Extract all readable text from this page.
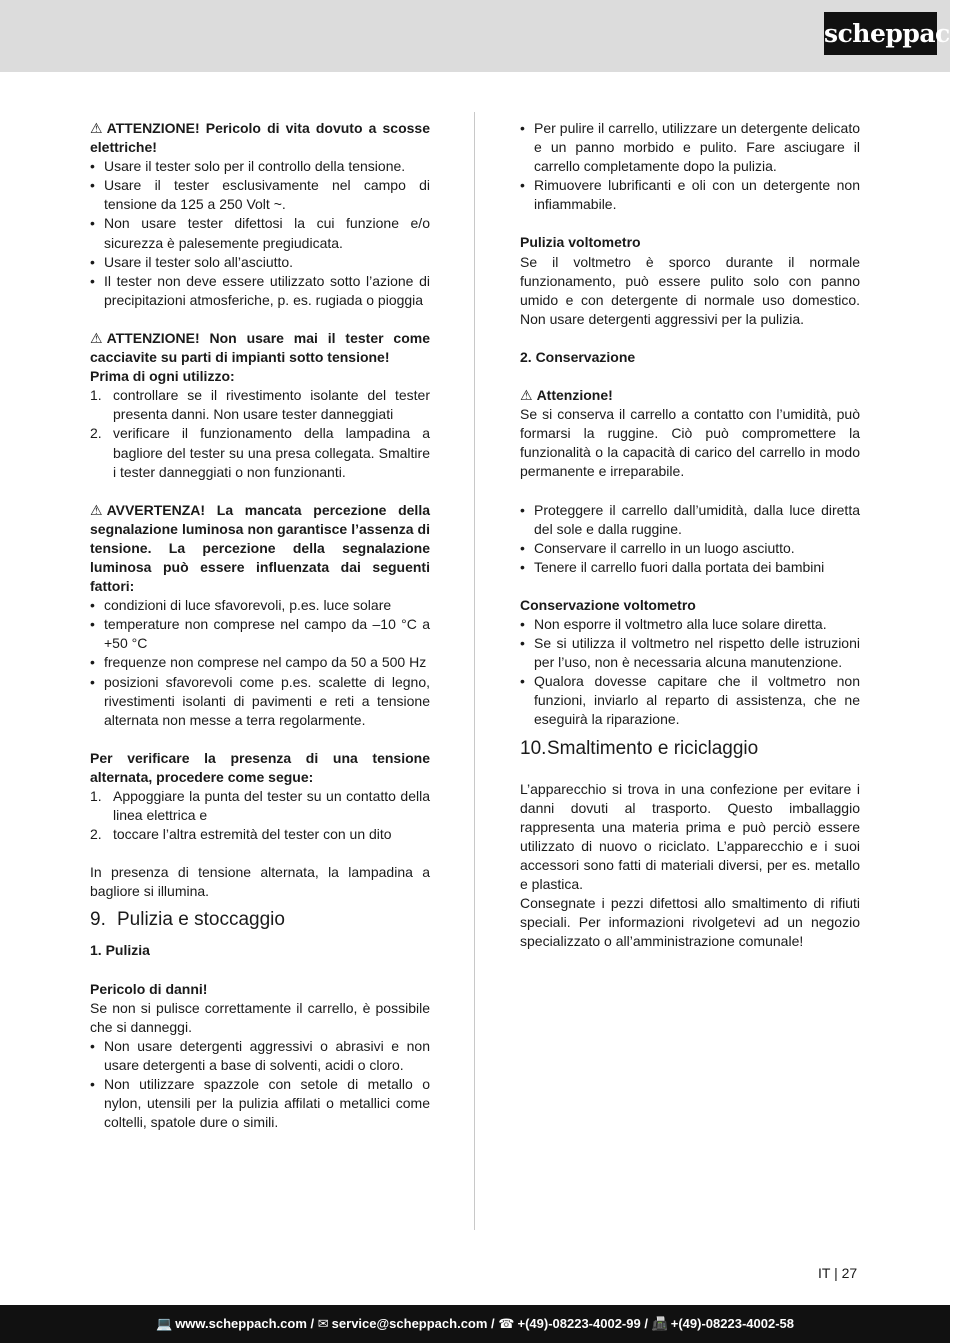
scheppach

⚠ ATTENZIONE! Pericolo di vita dovuto a scosse elettriche!

• Usare il tester solo per il controllo della tensione.
• Usare il tester esclusivamente nel campo di tensione da 125 a 250 Volt ~.
• Non usare tester difettosi la cui funzione e/o sicurezza è palesemente pregiudicata.
• Usare il tester solo all’asciutto.
• Il tester non deve essere utilizzato sotto l’azione di precipitazioni atmosferiche, p. es. rugiada o pioggia

⚠ ATTENZIONE! Non usare mai il tester come cacciavite su parti di impianti sotto tensione!

Prima di ogni utilizzo:

1. controllare se il rivestimento isolante del tester presenta danni. Non usare tester danneggiati
2. verificare il funzionamento della lampadina a bagliore del tester su una presa collegata. Smaltire i tester danneggiati o non funzionanti.

⚠ AVVERTENZA! La mancata percezione della segnalazione luminosa non garantisce l’assenza di tensione. La percezione della segnalazione luminosa può essere influenzata dai seguenti fattori:

• condizioni di luce sfavorevoli, p.es. luce solare
• temperature non comprese nel campo da –10 °C a +50 °C
• frequenze non comprese nel campo da 50 a 500 Hz
• posizioni sfavorevoli come p.es. scalette di legno, rivestimenti isolanti di pavimenti e reti a tensione alternata non messe a terra regolarmente.

Per verificare la presenza di una tensione alternata, procedere come segue:

1. Appoggiare la punta del tester su un contatto della linea elettrica e
2. toccare l’altra estremità del tester con un dito

In presenza di tensione alternata, la lampadina a bagliore si illumina.

9. Pulizia e stoccaggio

1. Pulizia

Pericolo di danni!

Se non si pulisce correttamente il carrello, è possibile che si danneggi.

• Non usare detergenti aggressivi o abrasivi e non usare detergenti a base di solventi, acidi o cloro.
• Non utilizzare spazzole con setole di metallo o nylon, utensili per la pulizia affilati o metallici come coltelli, spatole dure o simili.
• Per pulire il carrello, utilizzare un detergente delicato e un panno morbido e pulito. Fare asciugare il carrello completamente dopo la pulizia.
• Rimuovere lubrificanti e oli con un detergente non infiammabile.

Pulizia voltometro

Se il voltmetro è sporco durante il normale funzionamento, può essere pulito solo con panno umido e con detergente di normale uso domestico. Non usare detergenti aggressivi per la pulizia.

2. Conservazione

⚠ Attenzione!

Se si conserva il carrello a contatto con l’umidità, può formarsi la ruggine. Ciò può compromettere la funzionalità o la capacità di carico del carrello in modo permanente e irreparabile.

• Proteggere il carrello dall’umidità, dalla luce diretta del sole e dalla ruggine.
• Conservare il carrello in un luogo asciutto.
• Tenere il carrello fuori dalla portata dei bambini

Conservazione voltometro

• Non esporre il voltmetro alla luce solare diretta.
• Se si utilizza il voltmetro nel rispetto delle istruzioni per l’uso, non è necessaria alcuna manutenzione.
• Qualora dovesse capitare che il voltmetro non funzioni, inviarlo al reparto di assistenza, che ne eseguirà la riparazione.
10.Smaltimento e riciclaggio

L’apparecchio si trova in una confezione per evitare i danni dovuti al trasporto. Questo imballaggio rappresenta una materia prima e può perciò essere utilizzato di nuovo o riciclato. L’apparecchio e i suoi accessori sono fatti di materiali diversi, per es. metallo e plastica.

Consegnate i pezzi difettosi allo smaltimento di rifiuti speciali. Per informazioni rivolgetevi ad un negozio specializzato o all’amministrazione comunale!

IT | 27
💻 www.scheppach.com / ✉ service@scheppach.com / ☎ +(49)-08223-4002-99 / 📠 +(49)-08223-4002-58
